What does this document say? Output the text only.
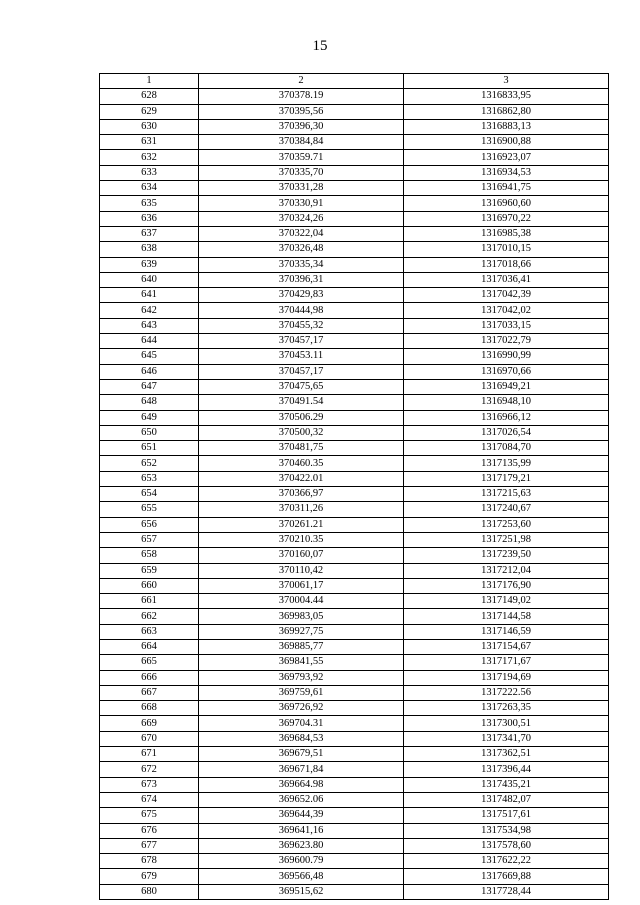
15
1	2	3
628	370378.19	1316833,95
629	370395,56	1316862,80
630	370396,30	1316883,13
631	370384,84	1316900,88
632	370359.71	1316923,07
633	370335,70	1316934,53
634	370331,28	1316941,75
635	370330,91	1316960,60
636	370324,26	1316970,22
637	370322,04	1316985,38
638	370326,48	1317010,15
639	370335,34	1317018,66
640	370396,31	1317036,41
641	370429,83	1317042,39
642	370444,98	1317042,02
643	370455,32	1317033,15
644	370457,17	1317022,79
645	370453.11	1316990,99
646	370457,17	1316970,66
647	370475,65	1316949,21
648	370491.54	1316948,10
649	370506.29	1316966,12
650	370500,32	1317026,54
651	370481,75	1317084,70
652	370460.35	1317135,99
653	370422.01	1317179,21
654	370366,97	1317215,63
655	370311,26	1317240,67
656	370261.21	1317253,60
657	370210.35	1317251,98
658	370160,07	1317239,50
659	370110,42	1317212,04
660	370061,17	1317176,90
661	370004.44	1317149,02
662	369983,05	1317144,58
663	369927,75	1317146,59
664	369885,77	1317154,67
665	369841,55	1317171,67
666	369793,92	1317194,69
667	369759,61	1317222.56
668	369726,92	1317263,35
669	369704.31	1317300,51
670	369684,53	1317341,70
671	369679,51	1317362,51
672	369671,84	1317396,44
673	369664.98	1317435,21
674	369652.06	1317482,07
675	369644,39	1317517,61
676	369641,16	1317534,98
677	369623.80	1317578,60
678	369600.79	1317622,22
679	369566,48	1317669,88
680	369515,62	1317728,44
